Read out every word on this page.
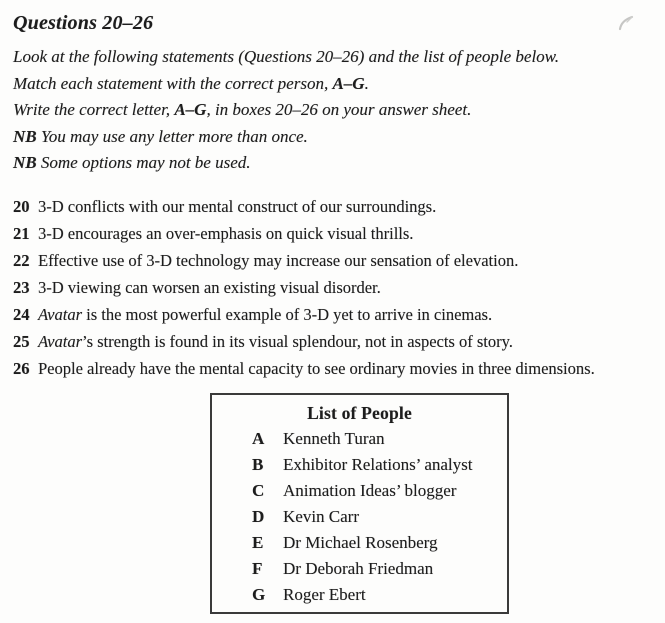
Questions 20–26
Look at the following statements (Questions 20–26) and the list of people below.
Match each statement with the correct person, A–G.
Write the correct letter, A–G, in boxes 20–26 on your answer sheet.
NB You may use any letter more than once.
NB Some options may not be used.
20 3-D conflicts with our mental construct of our surroundings.
21 3-D encourages an over-emphasis on quick visual thrills.
22 Effective use of 3-D technology may increase our sensation of elevation.
23 3-D viewing can worsen an existing visual disorder.
24 Avatar is the most powerful example of 3-D yet to arrive in cinemas.
25 Avatar’s strength is found in its visual splendour, not in aspects of story.
26 People already have the mental capacity to see ordinary movies in three dimensions.
List of People
A	Kenneth Turan
B	Exhibitor Relations’ analyst
C	Animation Ideas’ blogger
D	Kevin Carr
E	Dr Michael Rosenberg
F	Dr Deborah Friedman
G	Roger Ebert
